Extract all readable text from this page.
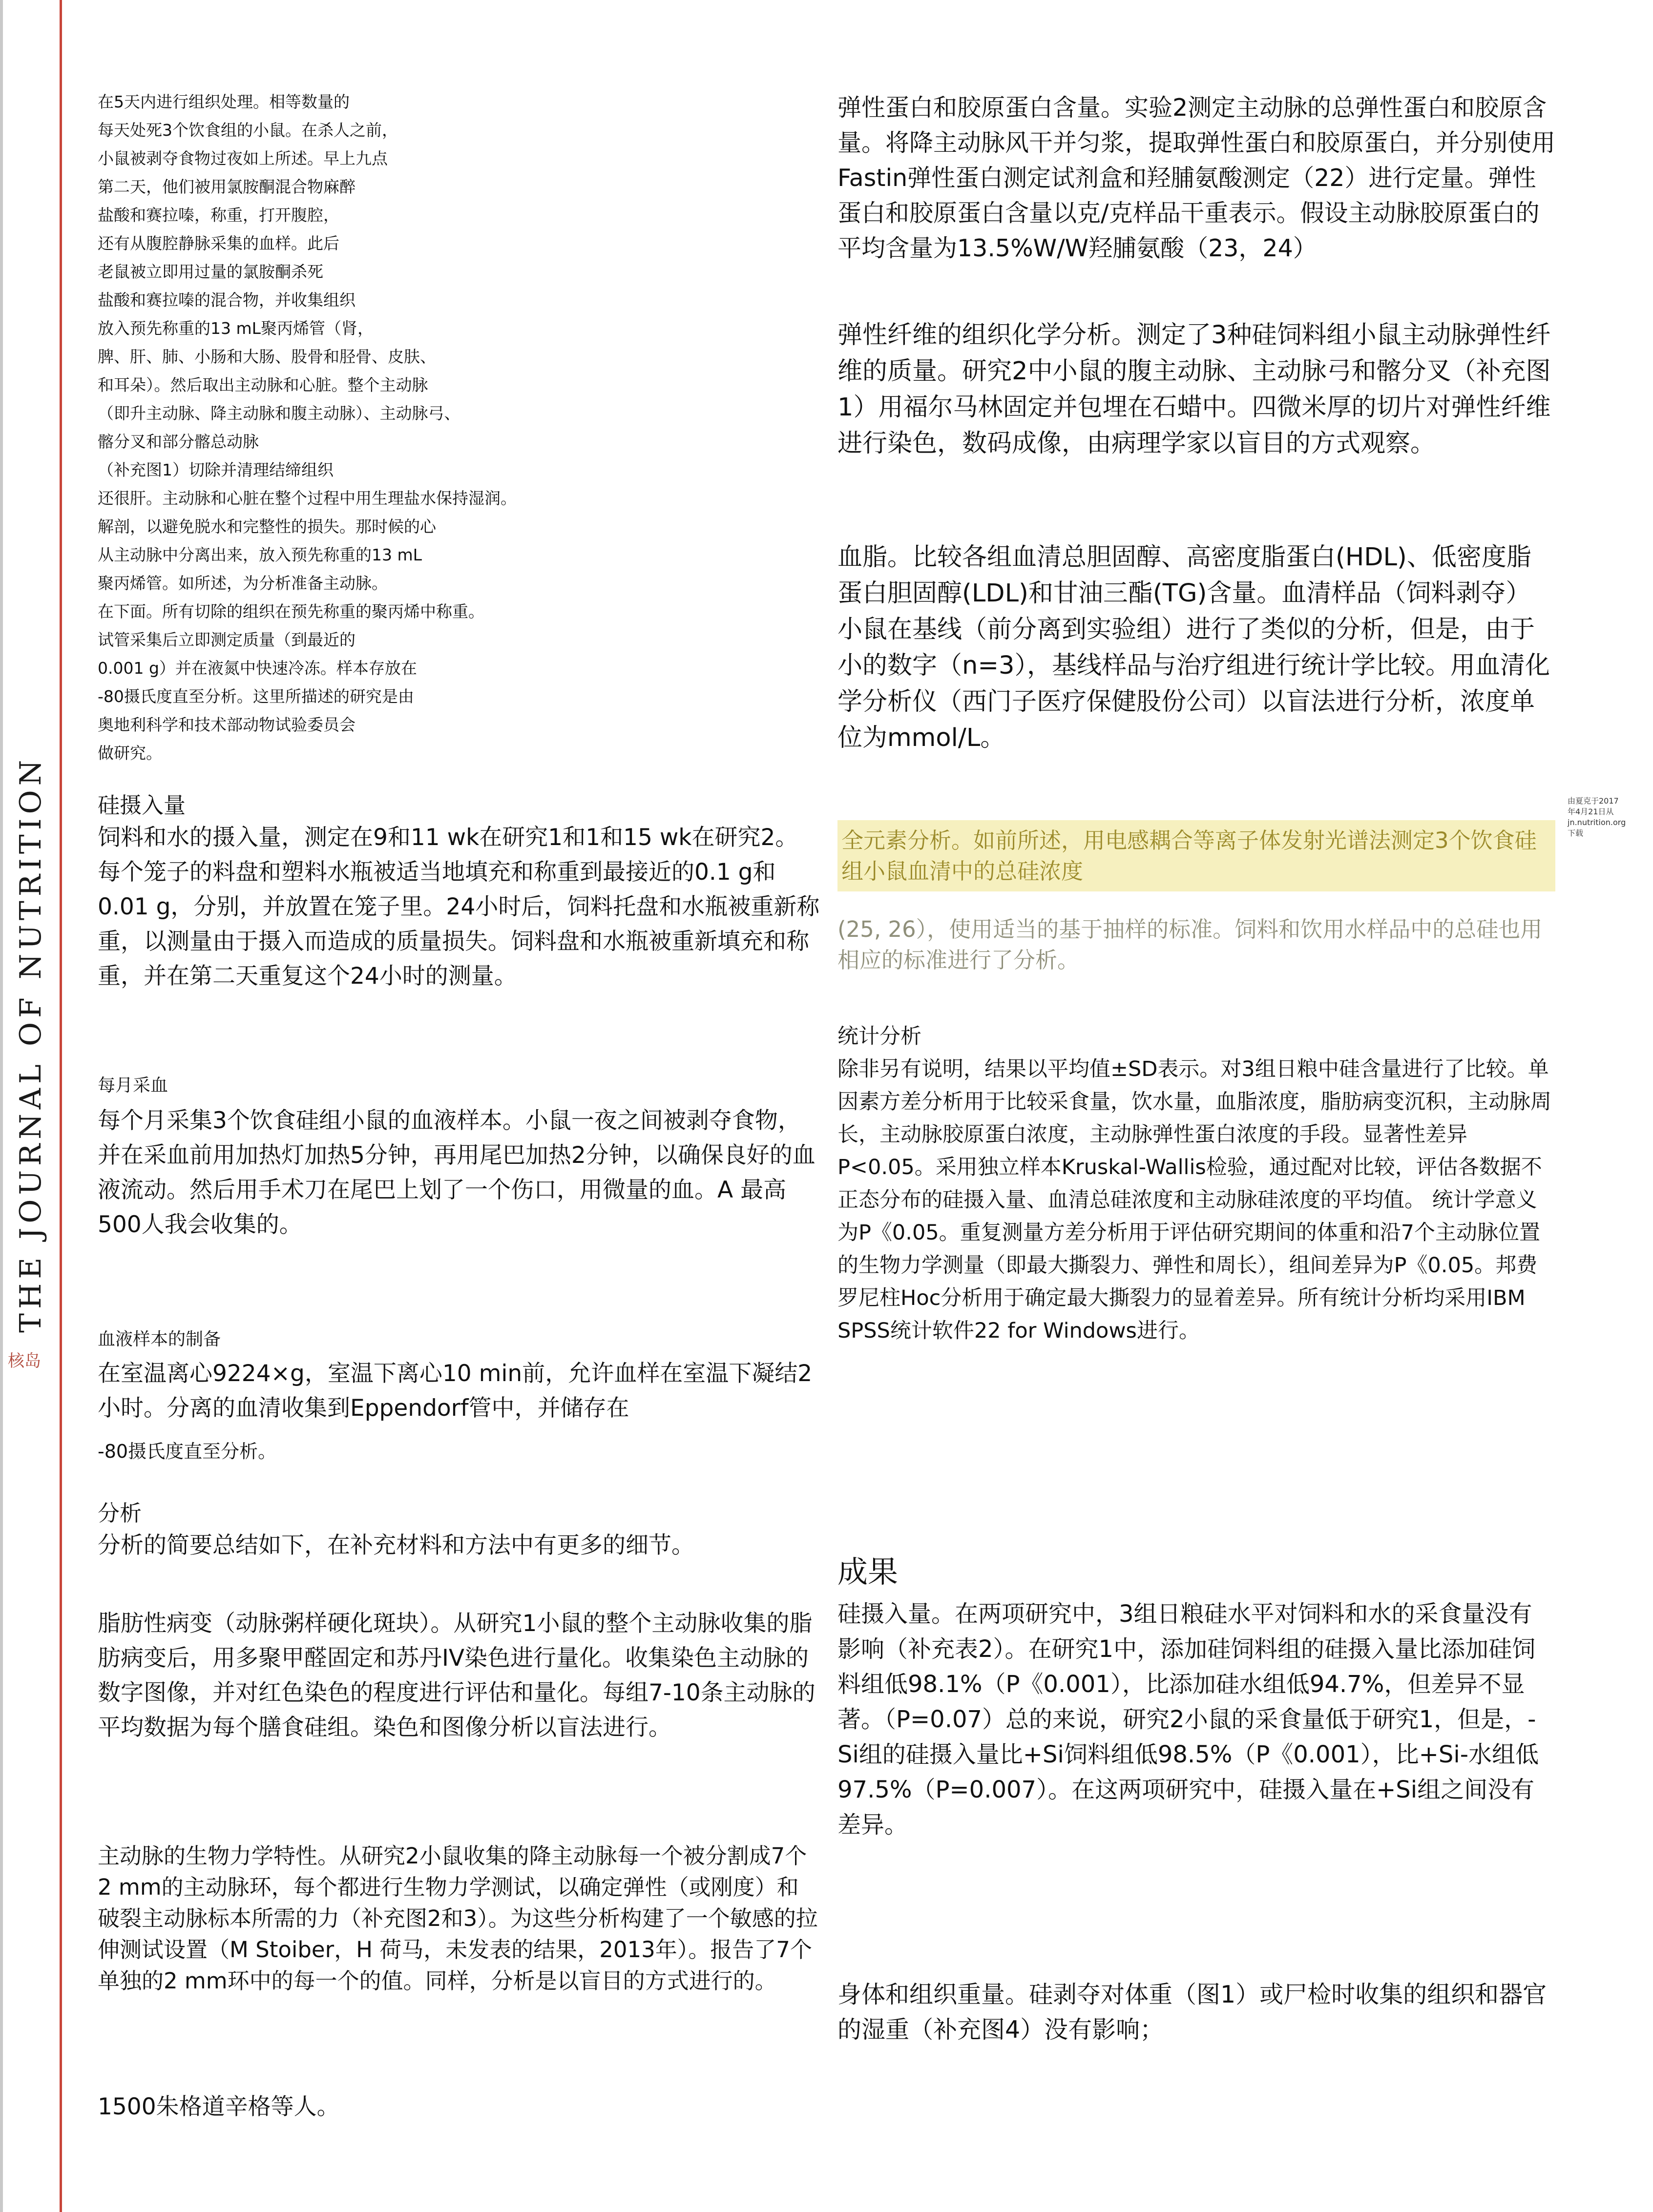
THE JOURNAL OF NUTRITION
核岛
由夏克于2017年4月21日从jn.nutrition.org下载

在5天内进行组织处理。相等数量的

每天处死3个饮食组的小鼠。在杀人之前，

小鼠被剥夺食物过夜如上所述。早上九点

第二天，他们被用氯胺酮混合物麻醉

盐酸和赛拉嗪，称重，打开腹腔，

还有从腹腔静脉采集的血样。此后

老鼠被立即用过量的氯胺酮杀死

盐酸和赛拉嗪的混合物，并收集组织

放入预先称重的13 mL聚丙烯管（肾，

脾、肝、肺、小肠和大肠、股骨和胫骨、皮肤、

和耳朵）。然后取出主动脉和心脏。整个主动脉

（即升主动脉、降主动脉和腹主动脉）、主动脉弓、

髂分叉和部分髂总动脉

（补充图1）切除并清理结缔组织

还很肝。主动脉和心脏在整个过程中用生理盐水保持湿润。

解剖，以避免脱水和完整性的损失。那时候的心

从主动脉中分离出来，放入预先称重的13 mL

聚丙烯管。如所述，为分析准备主动脉。

在下面。所有切除的组织在预先称重的聚丙烯中称重。

试管采集后立即测定质量（到最近的

0.001 g）并在液氮中快速冷冻。样本存放在

-80摄氏度直至分析。这里所描述的研究是由

奥地利科学和技术部动物试验委员会

做研究。

硅摄入量

饲料和水的摄入量，测定在9和11 wk在研究1和1和15 wk在研究2。每个笼子的料盘和塑料水瓶被适当地填充和称重到最接近的0.1 g和0.01 g，分别，并放置在笼子里。24小时后，饲料托盘和水瓶被重新称重，以测量由于摄入而造成的质量损失。饲料盘和水瓶被重新填充和称重，并在第二天重复这个24小时的测量。

每月采血

每个月采集3个饮食硅组小鼠的血液样本。小鼠一夜之间被剥夺食物，并在采血前用加热灯加热5分钟，再用尾巴加热2分钟，以确保良好的血液流动。然后用手术刀在尾巴上划了一个伤口，用微量的血。A 最高500人我会收集的。

血液样本的制备

在室温离心9224×g，室温下离心10 min前，允许血样在室温下凝结2小时。分离的血清收集到Eppendorf管中，并储存在

-80摄氏度直至分析。

分析

分析的简要总结如下，在补充材料和方法中有更多的细节。

脂肪性病变（动脉粥样硬化斑块）。从研究1小鼠的整个主动脉收集的脂肪病变后，用多聚甲醛固定和苏丹IV染色进行量化。收集染色主动脉的数字图像，并对红色染色的程度进行评估和量化。每组7-10条主动脉的平均数据为每个膳食硅组。染色和图像分析以盲法进行。

主动脉的生物力学特性。从研究2小鼠收集的降主动脉每一个被分割成7个2 mm的主动脉环，每个都进行生物力学测试，以确定弹性（或刚度）和破裂主动脉标本所需的力（补充图2和3）。为这些分析构建了一个敏感的拉伸测试设置（M Stoiber，H 荷马，未发表的结果，2013年）。报告了7个单独的2 mm环中的每一个的值。同样，分析是以盲目的方式进行的。

1500朱格道辛格等人。

弹性蛋白和胶原蛋白含量。实验2测定主动脉的总弹性蛋白和胶原含量。将降主动脉风干并匀浆，提取弹性蛋白和胶原蛋白，并分别使用Fastin弹性蛋白测定试剂盒和羟脯氨酸测定（22）进行定量。弹性蛋白和胶原蛋白含量以克/克样品干重表示。假设主动脉胶原蛋白的平均含量为13.5%W/W羟脯氨酸（23，24）

弹性纤维的组织化学分析。测定了3种硅饲料组小鼠主动脉弹性纤维的质量。研究2中小鼠的腹主动脉、主动脉弓和髂分叉（补充图1）用福尔马林固定并包埋在石蜡中。四微米厚的切片对弹性纤维进行染色，数码成像，由病理学家以盲目的方式观察。

血脂。比较各组血清总胆固醇、高密度脂蛋白(HDL)、低密度脂蛋白胆固醇(LDL)和甘油三酯(TG)含量。血清样品（饲料剥夺）小鼠在基线（前分离到实验组）进行了类似的分析，但是，由于小的数字（n=3），基线样品与治疗组进行统计学比较。用血清化学分析仪（西门子医疗保健股份公司）以盲法进行分析，浓度单位为mmol/L。

全元素分析。如前所述，用电感耦合等离子体发射光谱法测定3个饮食硅组小鼠血清中的总硅浓度

(25, 26），使用适当的基于抽样的标准。饲料和饮用水样品中的总硅也用相应的标准进行了分析。

统计分析

除非另有说明，结果以平均值±SD表示。对3组日粮中硅含量进行了比较。单因素方差分析用于比较采食量，饮水量，血脂浓度，脂肪病变沉积，主动脉周长，主动脉胶原蛋白浓度，主动脉弹性蛋白浓度的手段。显著性差异P<0.05。采用独立样本Kruskal-Wallis检验，通过配对比较，评估各数据不正态分布的硅摄入量、血清总硅浓度和主动脉硅浓度的平均值。 统计学意义为P《0.05。重复测量方差分析用于评估研究期间的体重和沿7个主动脉位置的生物力学测量（即最大撕裂力、弹性和周长），组间差异为P《0.05。邦费罗尼柱Hoc分析用于确定最大撕裂力的显着差异。所有统计分析均采用IBM SPSS统计软件22 for Windows进行。

成果

硅摄入量。在两项研究中，3组日粮硅水平对饲料和水的采食量没有影响（补充表2）。在研究1中，添加硅饲料组的硅摄入量比添加硅饲料组低98.1%（P《0.001），比添加硅水组低94.7%，但差异不显著。（P=0.07）总的来说，研究2小鼠的采食量低于研究1，但是，-Si组的硅摄入量比+Si饲料组低98.5%（P《0.001），比+Si-水组低97.5%（P=0.007）。在这两项研究中，硅摄入量在+Si组之间没有差异。

身体和组织重量。硅剥夺对体重（图1）或尸检时收集的组织和器官的湿重（补充图4）没有影响；
